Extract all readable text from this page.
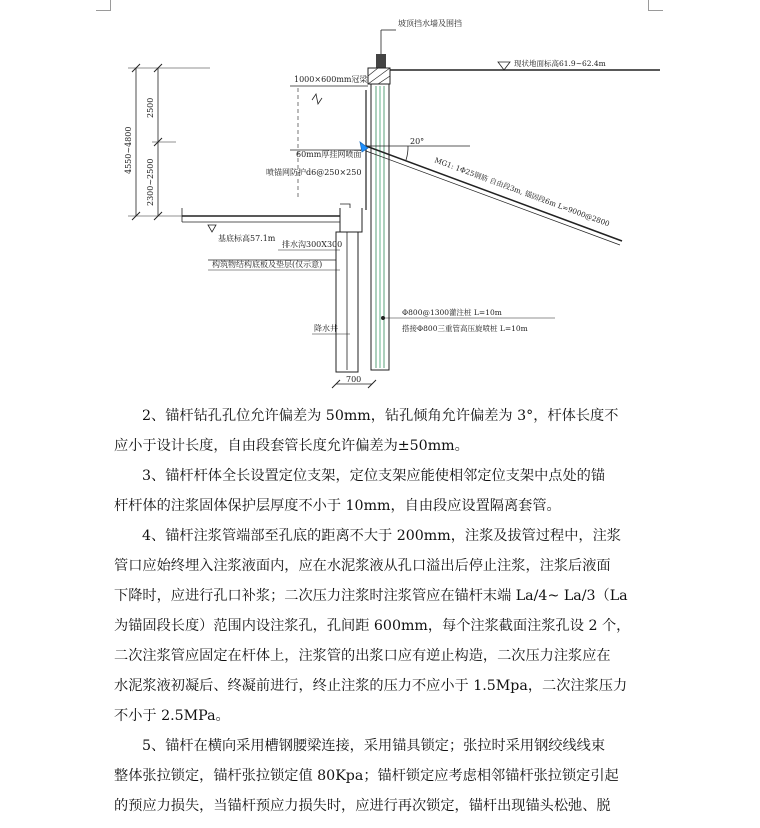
坡顶挡水墙及围挡
现状地面标高61.9~62.4m
1000×600mm冠梁
60mm厚挂网喷面
喷锚网防护d6@250×250
20°
MG1: 1Φ25钢筋 自由段3m, 锚固段6m L=9000@2800
基底标高57.1m
排水沟300X300
构筑物结构底板及垫层(仅示意)
降水井
Φ800@1300灌注桩 L=10m
搭接Φ800三重管高压旋喷桩 L=10m
4550~4800
2500
2300~2500
700

2、锚杆钻孔孔位允许偏差为 50mm，钻孔倾角允许偏差为 3°，杆体长度不

应小于设计长度，自由段套管长度允许偏差为±50mm。

3、锚杆杆体全长设置定位支架，定位支架应能使相邻定位支架中点处的锚

杆杆体的注浆固体保护层厚度不小于 10mm，自由段应设置隔离套管。

4、锚杆注浆管端部至孔底的距离不大于 200mm，注浆及拔管过程中，注浆

管口应始终埋入注浆液面内，应在水泥浆液从孔口溢出后停止注浆，注浆后液面

下降时，应进行孔口补浆；二次压力注浆时注浆管应在锚杆末端 La/4~ La/3（La

为锚固段长度）范围内设注浆孔，孔间距 600mm，每个注浆截面注浆孔设 2 个，

二次注浆管应固定在杆体上，注浆管的出浆口应有逆止构造，二次压力注浆应在

水泥浆液初凝后、终凝前进行，终止注浆的压力不应小于 1.5Mpa，二次注浆压力

不小于 2.5MPa。

5、锚杆在横向采用槽钢腰梁连接，采用锚具锁定；张拉时采用钢绞线线束

整体张拉锁定，锚杆张拉锁定值 80Kpa；锚杆锁定应考虑相邻锚杆张拉锁定引起

的预应力损失，当锚杆预应力损失时，应进行再次锁定，锚杆出现锚头松弛、脱
